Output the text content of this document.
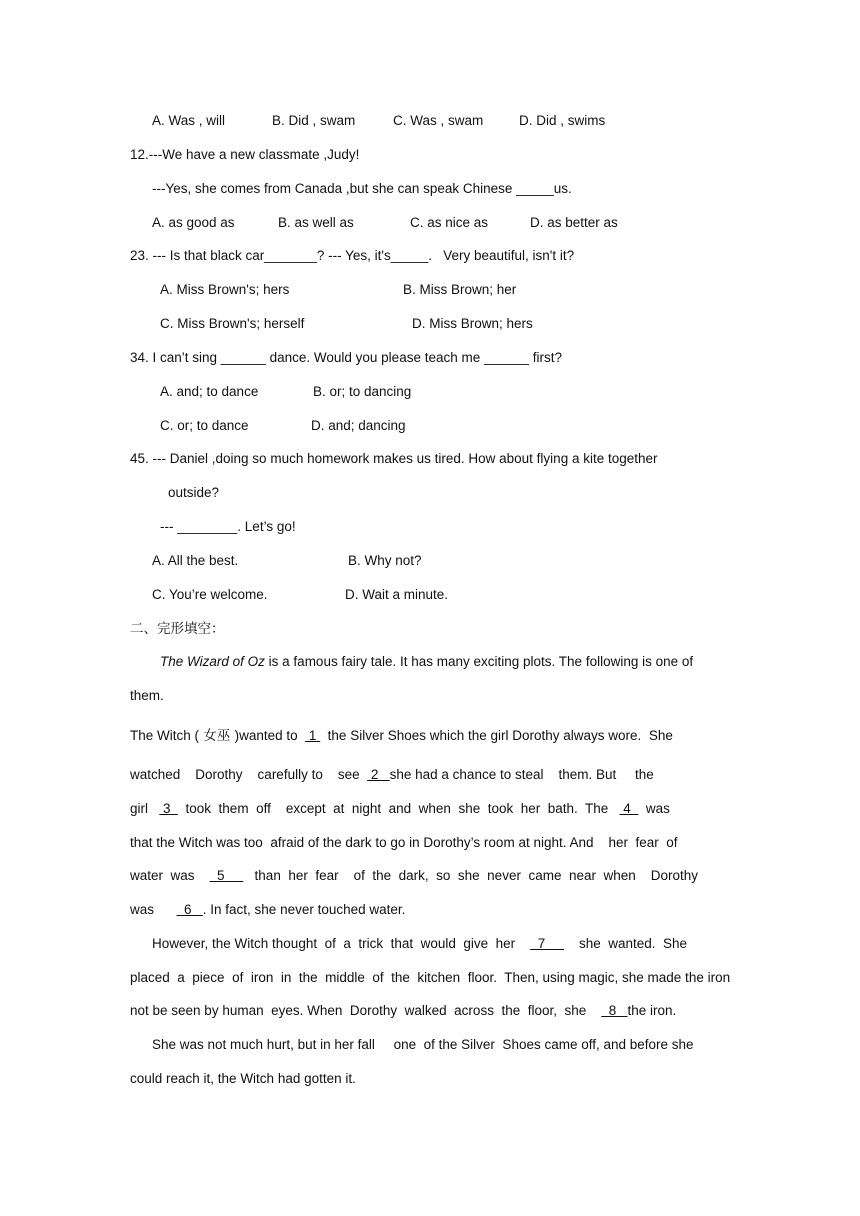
A. Was , will	B. Did , swam	C. Was , swam	D. Did , swims
12.---We have a new classmate ,Judy!
---Yes, she comes from Canada ,but she can speak Chinese _____us.
A. as good as	B. as well as	C. as nice as	D. as better as
23. --- Is that black car_______? --- Yes, it's_____.   Very beautiful, isn't it?
A. Miss Brown's; hers	B. Miss Brown; her
C. Miss Brown's; herself	D. Miss Brown; hers
34. I can’t sing ______ dance. Would you please teach me ______ first?
A. and; to dance	B. or; to dancing
C. or; to dance	D. and; dancing
45. --- Daniel ,doing so much homework makes us tired. How about flying a kite together
outside?
--- ________. Let’s go!
A. All the best.	B. Why not?
C. You’re welcome.	D. Wait a minute.
二、完形填空：
The Wizard of Oz is a famous fairy tale. It has many exciting plots. The following is one of
them.
The Witch ( 女巫 )wanted to   1   the Silver Shoes which the girl Dorothy always wore.  She
watched    Dorothy    carefully to    see   2   she had a chance to steal    them. But     the
girl    3    took  them  off    except  at  night  and  when  she  took  her  bath.  The    4    was
that the Witch was too  afraid of the dark to go in Dorothy’s room at night. And    her  fear  of
water  was      5        than  her  fear    of  the  dark,  so  she  never  came  near  when    Dorothy
was        6   . In fact, she never touched water.
However, the Witch thought  of  a  trick  that  would  give  her      7         she  wanted.  She
placed  a  piece  of  iron  in  the  middle  of  the  kitchen  floor.  Then, using magic, she made the iron
not be seen by human  eyes. When  Dorothy  walked  across  the  floor,  she      8   the iron.
She was not much hurt, but in her fall     one  of the Silver  Shoes came off, and before she
could reach it, the Witch had gotten it.
